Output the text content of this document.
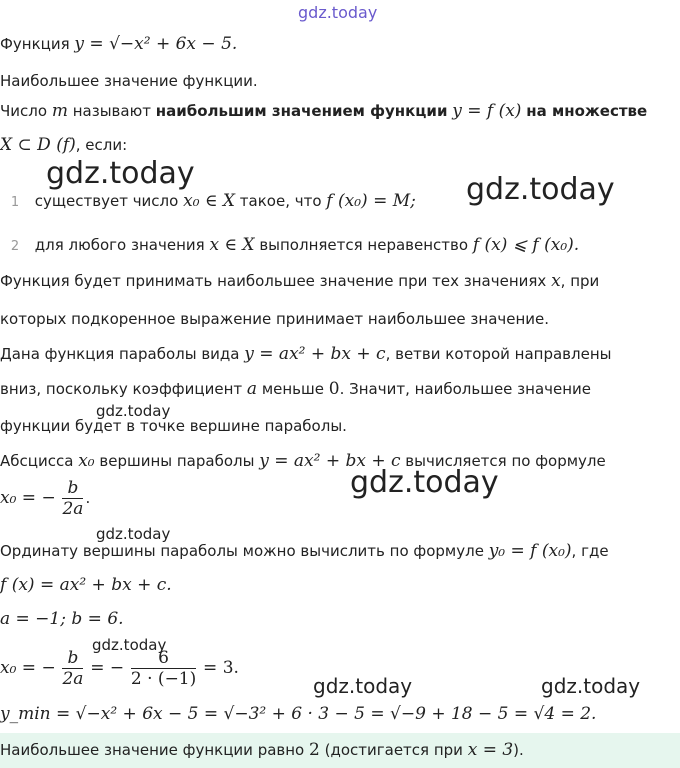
gdz.today
Функция y = √−x² + 6x − 5.
Наибольшее значение функции.
Число m называют наибольшим значением функции y = f (x) на множестве
X ⊂ D (f), если:
gdz.today
1 существует число x₀ ∈ X такое, что f (x₀) = M; gdz.today
2 для любого значения x ∈ X выполняется неравенство f (x) ⩽ f (x₀).
Функция будет принимать наибольшее значение при тех значениях x, при
которых подкоренное выражение принимает наибольшее значение.
Дана функция параболы вида y = ax² + bx + c, ветви которой направлены
вниз, поскольку коэффициент a меньше 0. Значит, наибольшее значение
gdz.today
функции будет в точке вершине параболы.
Абсцисса x₀ вершины параболы y = ax² + bx + c вычисляется по формуле
gdz.today
x₀ = − $\frac{b}{2a}$ .
gdz.today
Ординату вершины параболы можно вычислить по формуле y₀ = f (x₀), где
f (x) = ax² + bx + c.
a = −1; b = 6.
gdz.today
x₀ = − $\frac{b}{2a}$ = − $\frac{6}{2 \cdot (-1)} = 3$.
gdz.today	gdz.today
y_min = √−x² + 6x − 5 = √−3² + 6 · 3 − 5 = √−9 + 18 − 5 = √4 = 2.
Наибольшее значение функции равно 2 (достигается при x = 3).
